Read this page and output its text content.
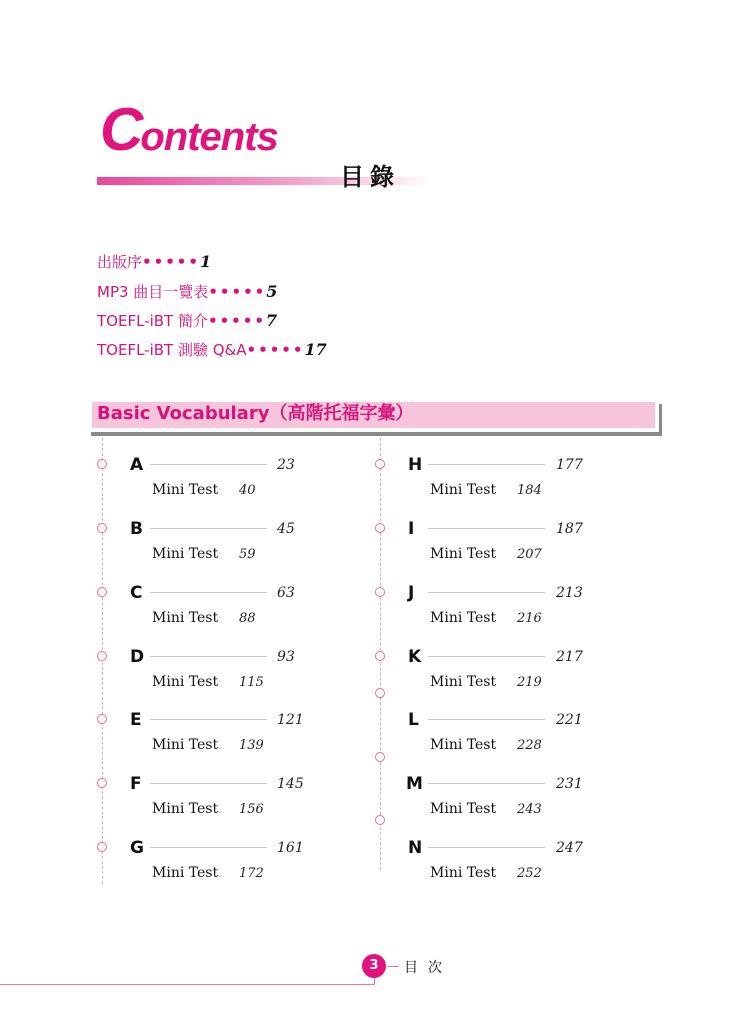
Contents
目錄
出版序•••••1
MP3 曲目一覽表•••••5
TOEFL-iBT 簡介•••••7
TOEFL-iBT 測驗 Q&A•••••17
Basic Vocabulary（高階托福字彙）
A	23
Mini Test 40
B	45
Mini Test 59
C	63
Mini Test 88
D	93
Mini Test 115
E	121
Mini Test 139
F	145
Mini Test 156
G	161
Mini Test 172
H	177
Mini Test 184
I	187
Mini Test 207
J	213
Mini Test 216
K	217
Mini Test 219
L	221
Mini Test 228
M	231
Mini Test 243
N	247
Mini Test 252
3	目次
